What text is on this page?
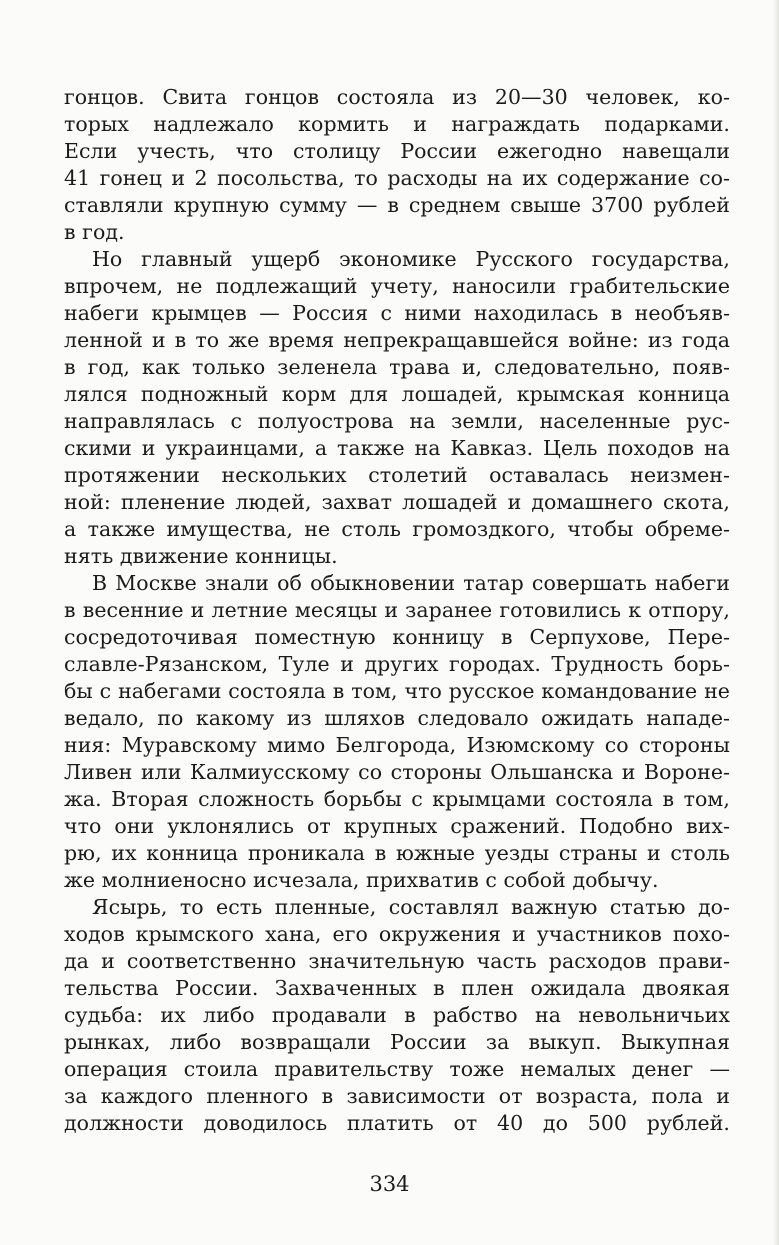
гонцов. Свита гонцов состояла из 20—30 человек, ко-
торых надлежало кормить и награждать подарками.
Если учесть, что столицу России ежегодно навещали
41 гонец и 2 посольства, то расходы на их содержание со-
ставляли крупную сумму — в среднем свыше 3700 рублей
в год.
Но главный ущерб экономике Русского государства,
впрочем, не подлежащий учету, наносили грабительские
набеги крымцев — Россия с ними находилась в необъяв-
ленной и в то же время непрекращавшейся войне: из года
в год, как только зеленела трава и, следовательно, появ-
лялся подножный корм для лошадей, крымская конница
направлялась с полуострова на земли, населенные рус-
скими и украинцами, а также на Кавказ. Цель походов на
протяжении нескольких столетий оставалась неизмен-
ной: пленение людей, захват лошадей и домашнего скота,
а также имущества, не столь громоздкого, чтобы обреме-
нять движение конницы.
В Москве знали об обыкновении татар совершать набеги
в весенние и летние месяцы и заранее готовились к отпору,
сосредоточивая поместную конницу в Серпухове, Пере-
славле-Рязанском, Туле и других городах. Трудность борь-
бы с набегами состояла в том, что русское командование не
ведало, по какому из шляхов следовало ожидать нападе-
ния: Муравскому мимо Белгорода, Изюмскому со стороны
Ливен или Калмиусскому со стороны Ольшанска и Вороне-
жа. Вторая сложность борьбы с крымцами состояла в том,
что они уклонялись от крупных сражений. Подобно вих-
рю, их конница проникала в южные уезды страны и столь
же молниеносно исчезала, прихватив с собой добычу.
Ясырь, то есть пленные, составлял важную статью до-
ходов крымского хана, его окружения и участников похо-
да и соответственно значительную часть расходов прави-
тельства России. Захваченных в плен ожидала двоякая
судьба: их либо продавали в рабство на невольничьих
рынках, либо возвращали России за выкуп. Выкупная
операция стоила правительству тоже немалых денег —
за каждого пленного в зависимости от возраста, пола и
должности доводилось платить от 40 до 500 рублей.
334
